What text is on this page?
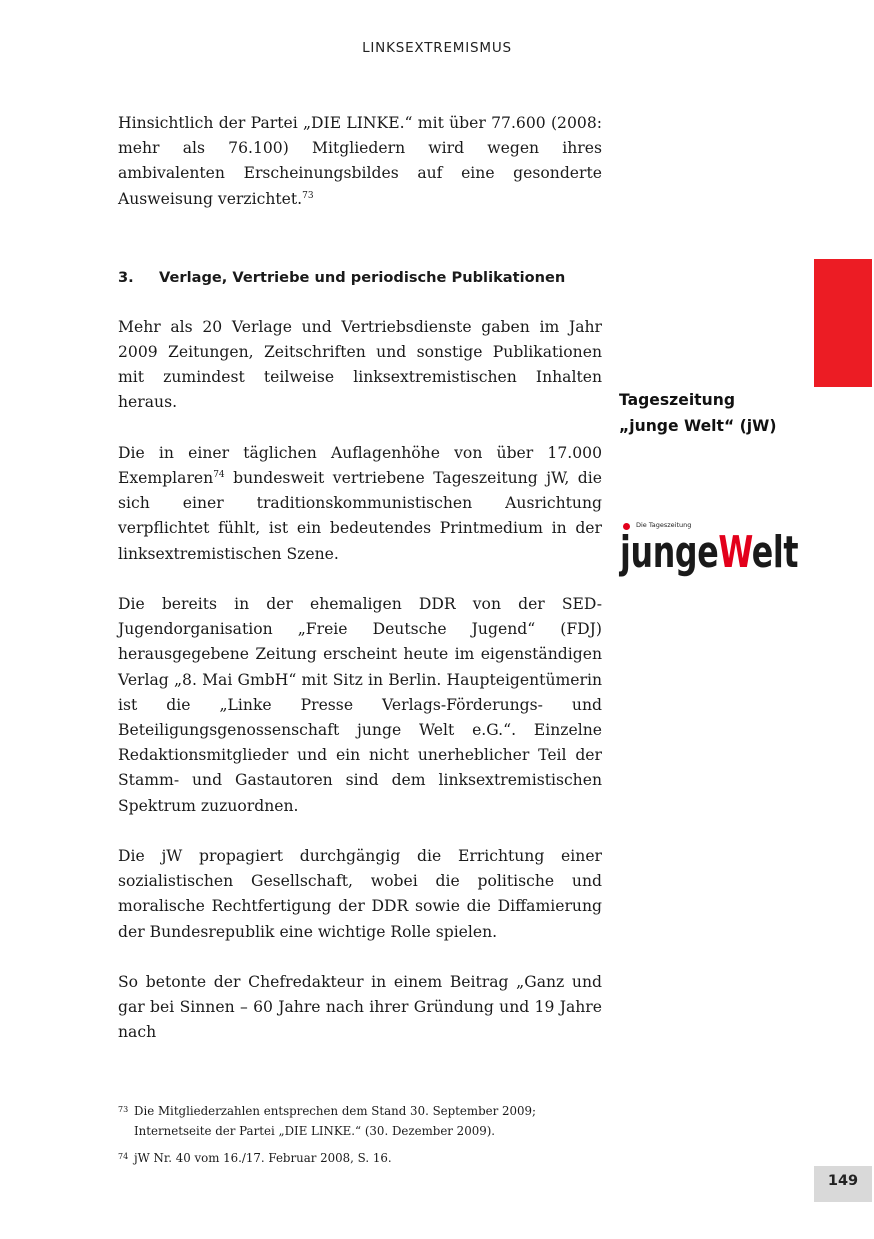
LINKSEXTREMISMUS

Hinsichtlich der Partei „DIE LINKE.“ mit über 77.600 (2008: mehr als 76.100) Mitgliedern wird wegen ihres ambivalenten Erscheinungsbildes auf eine gesonderte Ausweisung verzichtet.$^{73}$

3.	Verlage, Vertriebe und periodische Publikationen

Mehr als 20 Verlage und Vertriebsdienste gaben im Jahr 2009 Zeitungen, Zeitschriften und sonstige Publikationen mit zumindest teilweise linksextremistischen Inhalten heraus.

Die in einer täglichen Auflagenhöhe von über 17.000 Exemplaren$^{74}$ bundesweit vertriebene Tageszeitung jW, die sich einer traditionskommunistischen Ausrichtung verpflichtet fühlt, ist ein bedeutendes Printmedium in der linksextremistischen Szene.

Die bereits in der ehemaligen DDR von der SED-Jugendorganisation „Freie Deutsche Jugend“ (FDJ) herausgegebene Zeitung erscheint heute im eigenständigen Verlag „8. Mai GmbH“ mit Sitz in Berlin. Haupteigentümerin ist die „Linke Presse Verlags-Förderungs- und Beteiligungsgenossenschaft junge Welt e.G.“. Einzelne Redaktionsmitglieder und ein nicht unerheblicher Teil der Stamm- und Gastautoren sind dem linksextremistischen Spektrum zuzuordnen.

Die jW propagiert durchgängig die Errichtung einer sozialistischen Gesellschaft, wobei die politische und moralische Rechtfertigung der DDR sowie die Diffamierung der Bundesrepublik eine wichtige Rolle spielen.

So betonte der Chefredakteur in einem Beitrag „Ganz und gar bei Sinnen – 60 Jahre nach ihrer Gründung und 19 Jahre nach

Tageszeitung
„junge Welt“ (jW)
Die Tageszeitung
jungeWelt
73 Die Mitgliederzahlen entsprechen dem Stand 30. September 2009; Internetseite der Partei „DIE LINKE.“ (30. Dezember 2009).
74 jW Nr. 40 vom 16./17. Februar 2008, S. 16.
149
